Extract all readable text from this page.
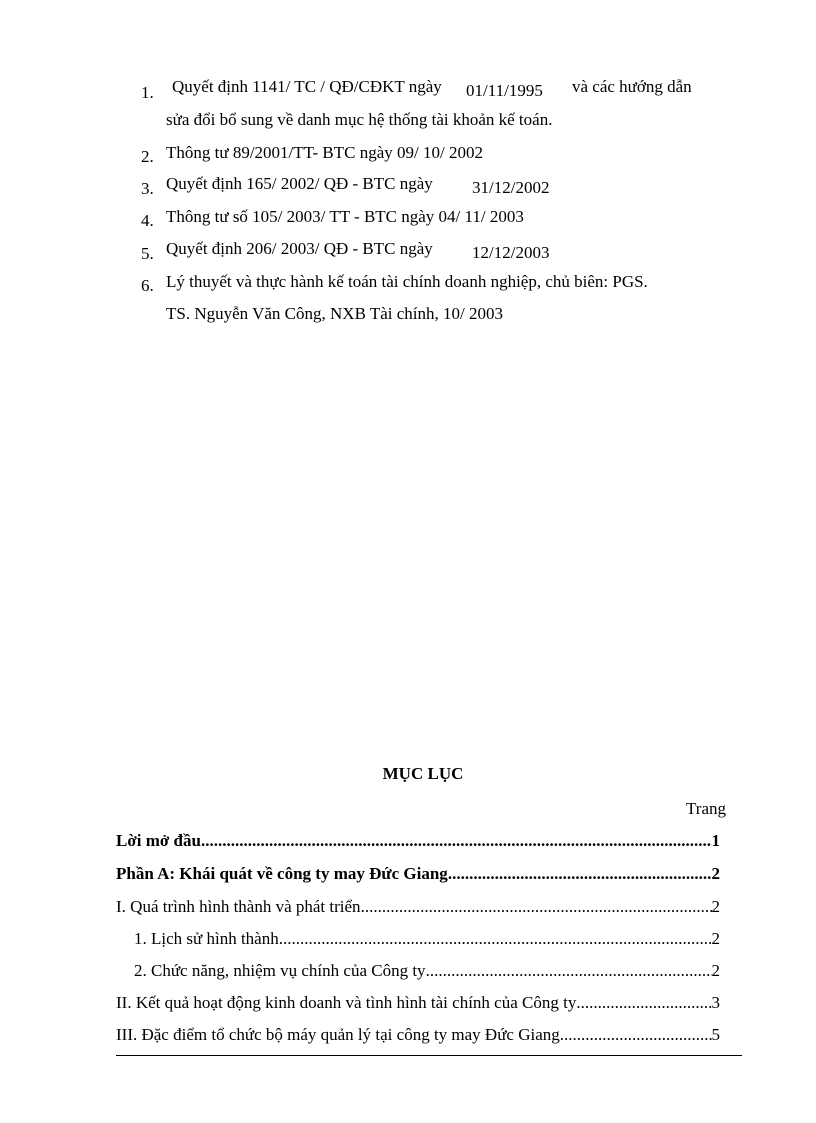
1. Quyết định 1141/ TC / QĐ/CĐKT ngày 01/11/1995 và các hướng dẫn
sửa đổi bổ sung về danh mục hệ thống tài khoản kế toán.
2. Thông tư 89/2001/TT- BTC ngày 09/ 10/ 2002
3. Quyết định 165/ 2002/ QĐ - BTC ngày 31/12/2002
4. Thông tư số 105/ 2003/ TT - BTC ngày 04/ 11/ 2003
5. Quyết định 206/ 2003/ QĐ - BTC ngày 12/12/2003
6. Lý thuyết và thực hành kế toán tài chính doanh nghiệp, chủ biên: PGS.
TS. Nguyễn Văn Công, NXB Tài chính, 10/ 2003
MỤC LỤC
Trang
Lời mở đầu .....	1
Phần A: Khái quát về công ty may Đức Giang .....	2
I. Quá trình hình thành và phát triển .....	2
1. Lịch sử hình thành .....	2
2. Chức năng, nhiệm vụ chính của Công ty .....	2
II. Kết quả hoạt động kinh doanh và tình hình tài chính của Công ty .....	3
III. Đặc điểm tổ chức bộ máy quản lý tại công ty may Đức Giang .....	5
